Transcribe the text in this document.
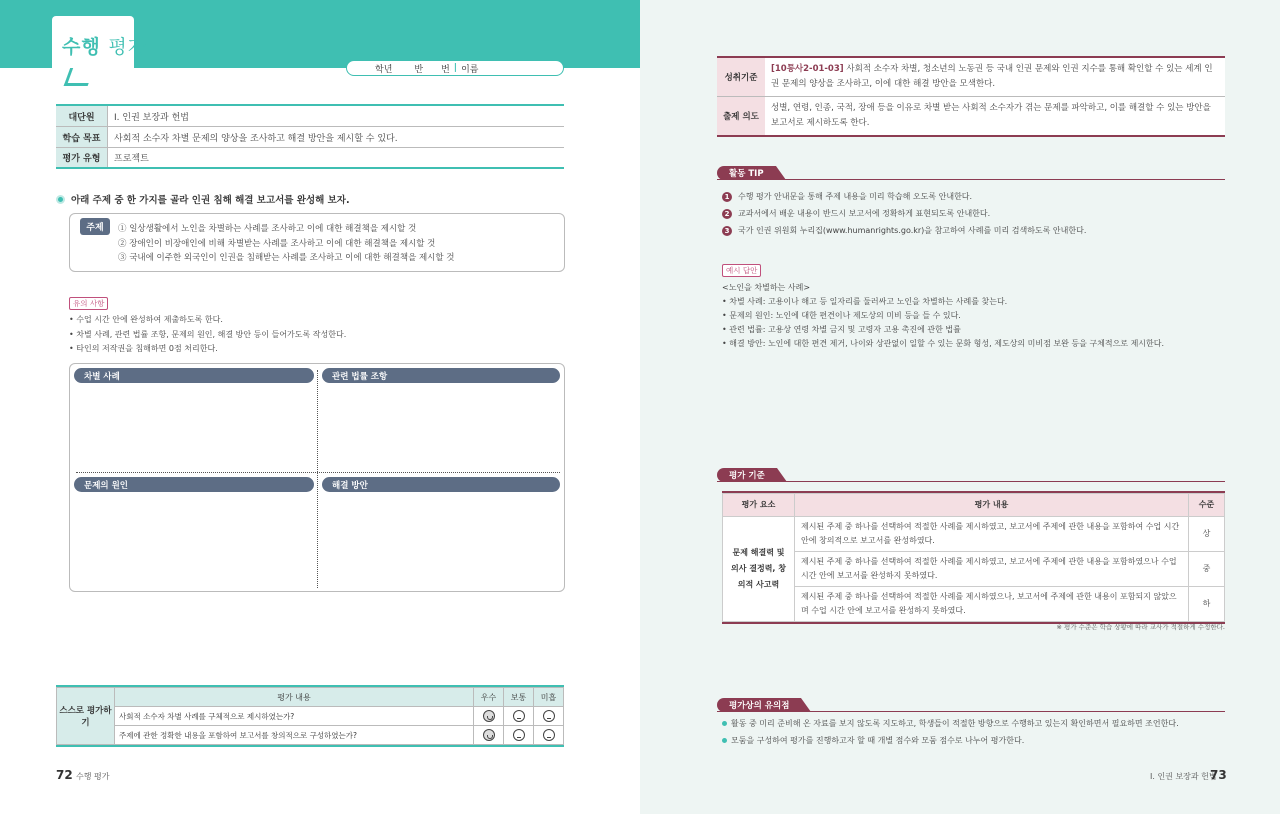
수행 평가
학년 반 번 | 이름
대단원	Ⅰ. 인권 보장과 헌법
학습 목표	사회적 소수자 차별 문제의 양상을 조사하고 해결 방안을 제시할 수 있다.
평가 유형	프로젝트
아래 주제 중 한 가지를 골라 인권 침해 해결 보고서를 완성해 보자.
주제	① 일상생활에서 노인을 차별하는 사례를 조사하고 이에 대한 해결책을 제시할 것
② 장애인이 비장애인에 비해 차별받는 사례를 조사하고 이에 대한 해결책을 제시할 것
③ 국내에 이주한 외국인이 인권을 침해받는 사례를 조사하고 이에 대한 해결책을 제시할 것
유의 사항
• 수업 시간 안에 완성하여 제출하도록 한다.
• 차별 사례, 관련 법률 조항, 문제의 원인, 해결 방안 등이 들어가도록 작성한다.
• 타인의 저작권을 침해하면 0점 처리한다.
차별 사례	관련 법률 조항
문제의 원인	해결 방안
스스로 평가하기	평가 내용	우수	보통	미흡
	사회적 소수자 차별 사례를 구체적으로 제시하였는가?			
	주제에 관한 정확한 내용을 포함하여 보고서를 창의적으로 구성하였는가?			
72 수행 평가
성취기준
[10통사2-01-03] 사회적 소수자 차별, 청소년의 노동권 등 국내 인권 문제와 인권 지수를 통해 확인할 수 있는 세계 인권 문제의 양상을 조사하고, 이에 대한 해결 방안을 모색한다.
출제 의도
성별, 연령, 인종, 국적, 장애 등을 이유로 차별 받는 사회적 소수자가 겪는 문제를 파악하고, 이를 해결할 수 있는 방안을 보고서로 제시하도록 한다.
활동 TIP
1 수행 평가 안내문을 통해 주제 내용을 미리 학습해 오도록 안내한다.
2 교과서에서 배운 내용이 반드시 보고서에 정확하게 표현되도록 안내한다.
3 국가 인권 위원회 누리집(www.humanrights.go.kr)을 참고하여 사례를 미리 검색하도록 안내한다.
예시 답안
<노인을 차별하는 사례>
• 차별 사례: 고용이나 해고 등 일자리를 둘러싸고 노인을 차별하는 사례를 찾는다.
• 문제의 원인: 노인에 대한 편견이나 제도상의 미비 등을 들 수 있다.
• 관련 법률: 고용상 연령 차별 금지 및 고령자 고용 촉진에 관한 법률
• 해결 방안: 노인에 대한 편견 제거, 나이와 상관없이 일할 수 있는 문화 형성, 제도상의 미비점 보완 등을 구체적으로 제시한다.
평가 기준
평가 요소	평가 내용	수준
문제 해결력 및 의사 결정력, 창의적 사고력	제시된 주제 중 하나를 선택하여 적절한 사례를 제시하였고, 보고서에 주제에 관한 내용을 포함하여 수업 시간 안에 창의적으로 보고서를 완성하였다.	상
	제시된 주제 중 하나를 선택하여 적절한 사례를 제시하였고, 보고서에 주제에 관한 내용을 포함하였으나 수업 시간 안에 보고서를 완성하지 못하였다.	중
	제시된 주제 중 하나를 선택하여 적절한 사례를 제시하였으나, 보고서에 주제에 관한 내용이 포함되지 않았으며 수업 시간 안에 보고서를 완성하지 못하였다.	하
※ 평가 수준은 학습 상황에 따라 교사가 적절하게 수정한다.
평가상의 유의점
활동 중 미리 준비해 온 자료를 보지 않도록 지도하고, 학생들이 적절한 방향으로 수행하고 있는지 확인하면서 필요하면 조언한다.
모둠을 구성하여 평가를 진행하고자 할 때 개별 점수와 모둠 점수로 나누어 평가한다.
Ⅰ. 인권 보장과 헌법
73
